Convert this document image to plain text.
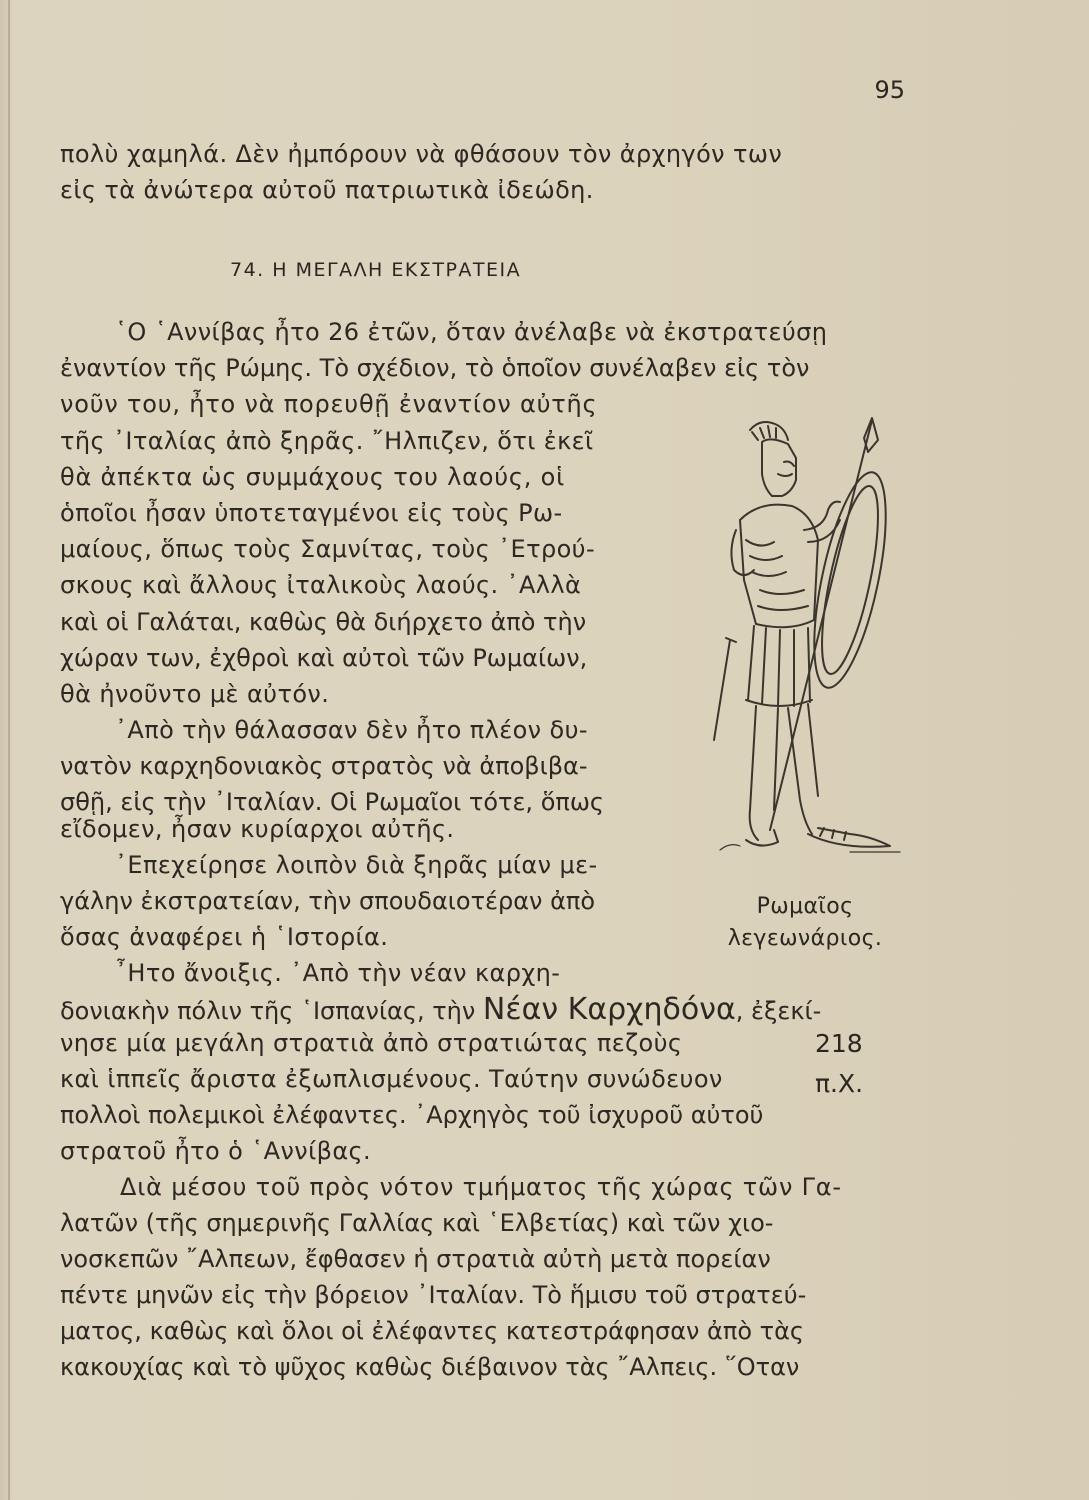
95
πολὺ χαμηλά. Δὲν ἠμπόρουν νὰ φθάσουν τὸν ἀρχηγόν των
εἰς τὰ ἀνώτερα αὐτοῦ πατριωτικὰ ἰδεώδη.
74. Η ΜΕΓΑΛΗ ΕΚΣΤΡΑΤΕΙΑ
῾Ο ῾Αννίβας ἦτο 26 ἐτῶν, ὅταν ἀνέλαβε νὰ ἐκστρατεύσῃ
ἐναντίον τῆς Ρώμης. Τὸ σχέδιον, τὸ ὁποῖον συνέλαβεν εἰς τὸν
νοῦν του, ἦτο νὰ πορευθῇ ἐναντίον αὐτῆς
τῆς ᾿Ιταλίας ἀπὸ ξηρᾶς. ῎Ηλπιζεν, ὅτι ἐκεῖ
θὰ ἀπέκτα ὡς συμμάχους του λαούς, οἱ
ὁποῖοι ἦσαν ὑποτεταγμένοι εἰς τοὺς Ρω-
μαίους, ὅπως τοὺς Σαμνίτας, τοὺς ᾿Ετρού-
σκους καὶ ἄλλους ἰταλικοὺς λαούς. ᾿Αλλὰ
καὶ οἱ Γαλάται, καθὼς θὰ διήρχετο ἀπὸ τὴν
χώραν των, ἐχθροὶ καὶ αὐτοὶ τῶν Ρωμαίων,
θὰ ἠνοῦντο μὲ αὐτόν.
᾿Απὸ τὴν θάλασσαν δὲν ἦτο πλέον δυ-
νατὸν καρχηδονιακὸς στρατὸς νὰ ἀποβιβα-
σθῇ, εἰς τὴν ᾿Ιταλίαν. Οἱ Ρωμαῖοι τότε, ὅπως
εἴδομεν, ἦσαν κυρίαρχοι αὐτῆς.
᾿Επεχείρησε λοιπὸν διὰ ξηρᾶς μίαν με-
γάλην ἐκστρατείαν, τὴν σπουδαιοτέραν ἀπὸ
ὅσας ἀναφέρει ἡ ῾Ιστορία.
῏Ητο ἄνοιξις. ᾿Απὸ τὴν νέαν καρχη-
δονιακὴν πόλιν τῆς ῾Ισπανίας, τὴν Νέαν Καρχηδόνα, ἐξεκί-
νησε μία μεγάλη στρατιὰ ἀπὸ στρατιώτας πεζοὺς	218 π.Χ.
καὶ ἱππεῖς ἄριστα ἐξωπλισμένους. Ταύτην συνώδευον
πολλοὶ πολεμικοὶ ἐλέφαντες. ᾿Αρχηγὸς τοῦ ἰσχυροῦ αὐτοῦ
στρατοῦ ἦτο ὁ ῾Αννίβας.
Διὰ μέσου τοῦ πρὸς νότον τμήματος τῆς χώρας τῶν Γα-
λατῶν (τῆς σημερινῆς Γαλλίας καὶ ῾Ελβετίας) καὶ τῶν χιο-
νοσκεπῶν ῎Αλπεων, ἔφθασεν ἡ στρατιὰ αὐτὴ μετὰ πορείαν
πέντε μηνῶν εἰς τὴν βόρειον ᾿Ιταλίαν. Τὸ ἥμισυ τοῦ στρατεύ-
ματος, καθὼς καὶ ὅλοι οἱ ἐλέφαντες κατεστράφησαν ἀπὸ τὰς
κακουχίας καὶ τὸ ψῦχος καθὼς διέβαινον τὰς ῎Αλπεις. ῞Οταν
Ρωμαῖος
λεγεωνάριος.
